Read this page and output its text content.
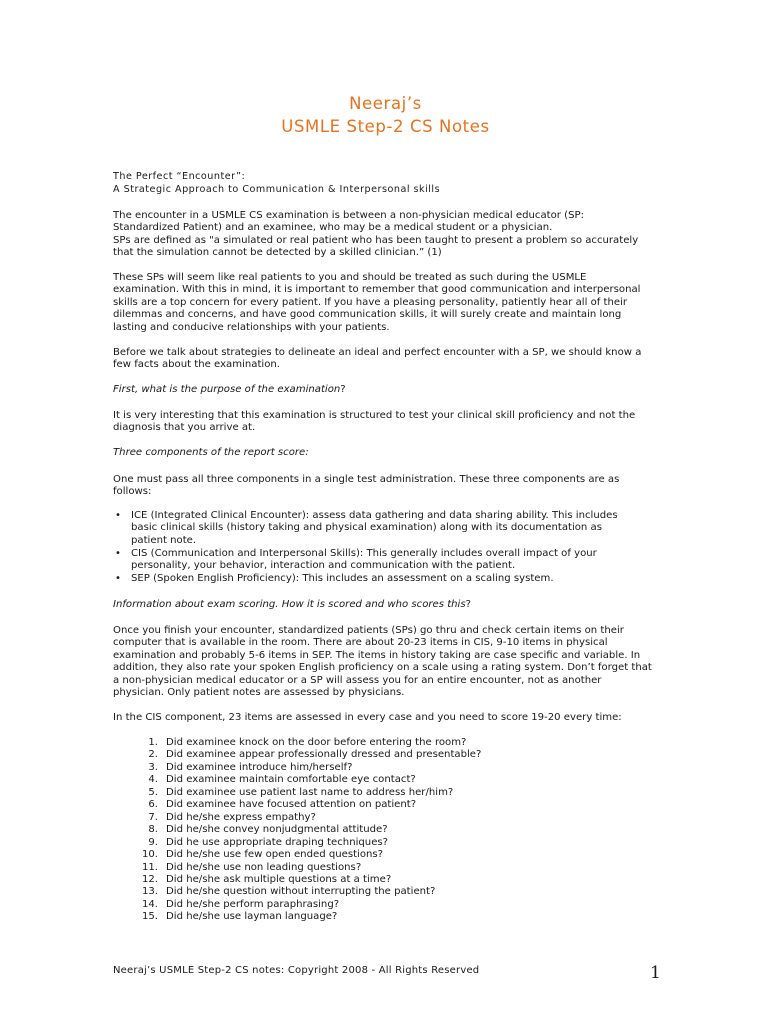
Neeraj’s
USMLE Step-2 CS Notes
The Perfect “Encounter”:
A Strategic Approach to Communication & Interpersonal skills
The encounter in a USMLE CS examination is between a non-physician medical educator (SP:
Standardized Patient) and an examinee, who may be a medical student or a physician.
SPs are defined as "a simulated or real patient who has been taught to present a problem so accurately
that the simulation cannot be detected by a skilled clinician.” (1)
These SPs will seem like real patients to you and should be treated as such during the USMLE
examination. With this in mind, it is important to remember that good communication and interpersonal
skills are a top concern for every patient. If you have a pleasing personality, patiently hear all of their
dilemmas and concerns, and have good communication skills, it will surely create and maintain long
lasting and conducive relationships with your patients.
Before we talk about strategies to delineate an ideal and perfect encounter with a SP, we should know a
few facts about the examination.
First, what is the purpose of the examination?
It is very interesting that this examination is structured to test your clinical skill proficiency and not the
diagnosis that you arrive at.
Three components of the report score:
One must pass all three components in a single test administration. These three components are as
follows:
• ICE (Integrated Clinical Encounter): assess data gathering and data sharing ability. This includes
basic clinical skills (history taking and physical examination) along with its documentation as
patient note.
• CIS (Communication and Interpersonal Skills): This generally includes overall impact of your
personality, your behavior, interaction and communication with the patient.
• SEP (Spoken English Proficiency): This includes an assessment on a scaling system.
Information about exam scoring. How it is scored and who scores this?
Once you finish your encounter, standardized patients (SPs) go thru and check certain items on their
computer that is available in the room. There are about 20-23 items in CIS, 9-10 items in physical
examination and probably 5-6 items in SEP. The items in history taking are case specific and variable. In
addition, they also rate your spoken English proficiency on a scale using a rating system. Don’t forget that
a non-physician medical educator or a SP will assess you for an entire encounter, not as another
physician. Only patient notes are assessed by physicians.
In the CIS component, 23 items are assessed in every case and you need to score 19-20 every time:
1. Did examinee knock on the door before entering the room?
2. Did examinee appear professionally dressed and presentable?
3. Did examinee introduce him/herself?
4. Did examinee maintain comfortable eye contact?
5. Did examinee use patient last name to address her/him?
6. Did examinee have focused attention on patient?
7. Did he/she express empathy?
8. Did he/she convey nonjudgmental attitude?
9. Did he use appropriate draping techniques?
10. Did he/she use few open ended questions?
11. Did he/she use non leading questions?
12. Did he/she ask multiple questions at a time?
13. Did he/she question without interrupting the patient?
14. Did he/she perform paraphrasing?
15. Did he/she use layman language?
Neeraj’s USMLE Step-2 CS notes: Copyright 2008 - All Rights Reserved	1
